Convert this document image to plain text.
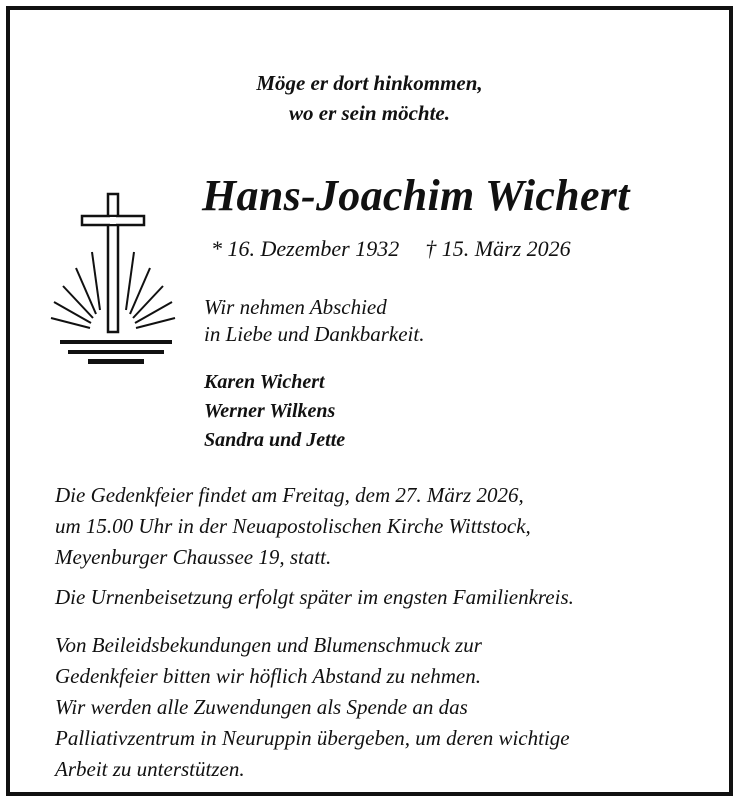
Möge er dort hinkommen,
wo er sein möchte.
Hans-Joachim Wichert
* 16. Dezember 1932 † 15. März 2026
Wir nehmen Abschied
in Liebe und Dankbarkeit.
Karen Wichert
Werner Wilkens
Sandra und Jette
Die Gedenkfeier findet am Freitag, dem 27. März 2026,
um 15.00 Uhr in der Neuapostolischen Kirche Wittstock,
Meyenburger Chaussee 19, statt.
Die Urnenbeisetzung erfolgt später im engsten Familienkreis.
Von Beileidsbekundungen und Blumenschmuck zur
Gedenkfeier bitten wir höflich Abstand zu nehmen.
Wir werden alle Zuwendungen als Spende an das
Palliativzentrum in Neuruppin übergeben, um deren wichtige
Arbeit zu unterstützen.
